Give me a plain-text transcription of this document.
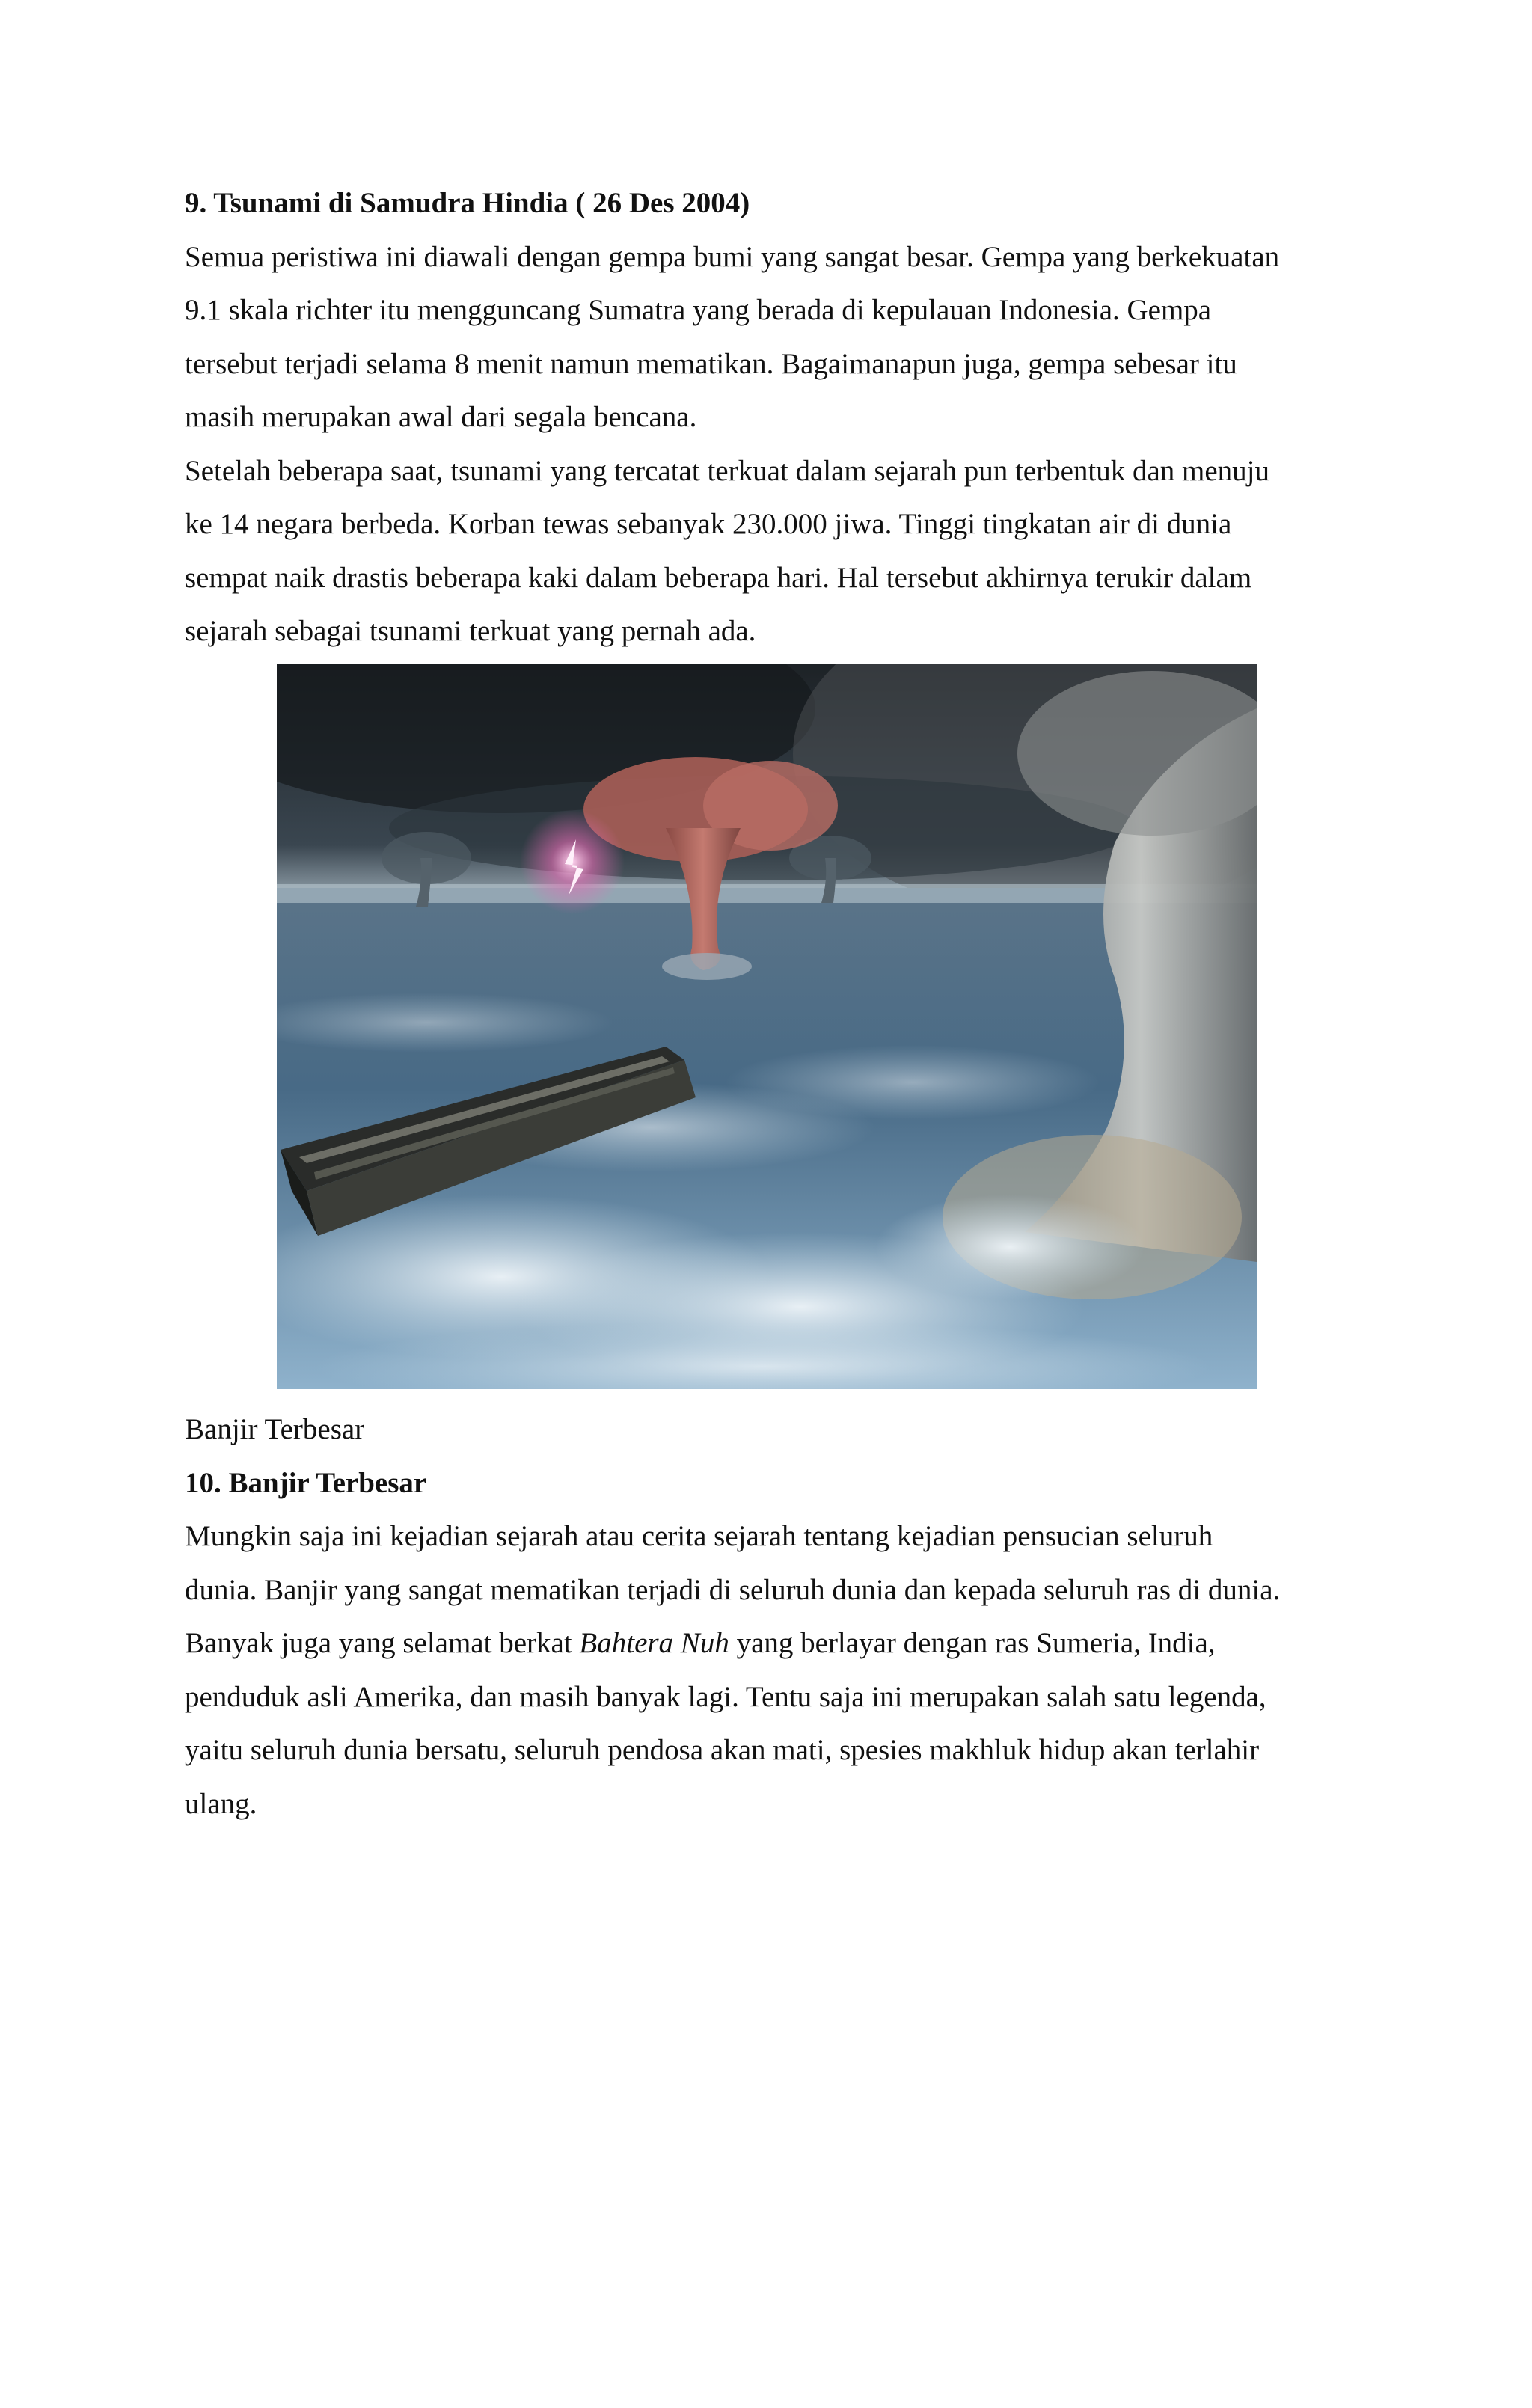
9. Tsunami di Samudra Hindia ( 26 Des 2004)

Semua peristiwa ini diawali dengan gempa bumi yang sangat besar. Gempa yang berkekuatan

9.1 skala richter itu mengguncang Sumatra yang berada di kepulauan Indonesia. Gempa

tersebut terjadi selama 8 menit namun mematikan. Bagaimanapun juga, gempa sebesar itu

masih merupakan awal dari segala bencana.

Setelah beberapa saat, tsunami yang tercatat terkuat dalam sejarah pun terbentuk dan menuju

ke 14 negara berbeda. Korban tewas sebanyak 230.000 jiwa. Tinggi tingkatan air di dunia

sempat naik drastis beberapa kaki dalam beberapa hari. Hal tersebut akhirnya terukir dalam

sejarah sebagai tsunami terkuat yang pernah ada.

Banjir Terbesar

10. Banjir Terbesar

Mungkin saja ini kejadian sejarah atau cerita sejarah tentang kejadian pensucian seluruh

dunia. Banjir yang sangat mematikan terjadi di seluruh dunia dan kepada seluruh ras di dunia.

Banyak juga yang selamat berkat Bahtera Nuh yang berlayar dengan ras Sumeria, India,

penduduk asli Amerika, dan masih banyak lagi. Tentu saja ini merupakan salah satu legenda,

yaitu seluruh dunia bersatu, seluruh pendosa akan mati, spesies makhluk hidup akan terlahir

ulang.
